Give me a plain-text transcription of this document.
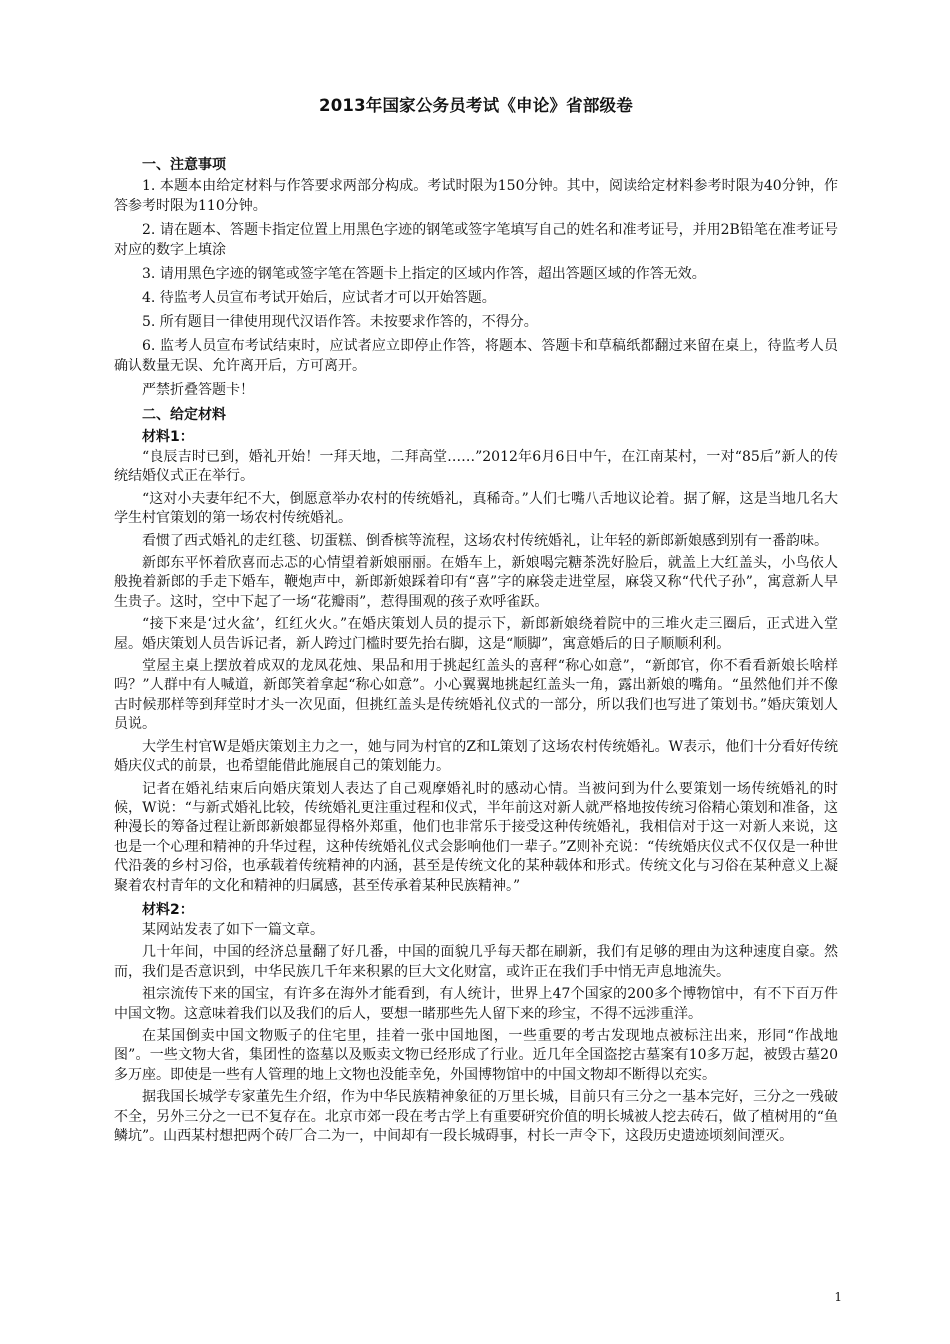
2013年国家公务员考试《申论》省部级卷
一、注意事项

1. 本题本由给定材料与作答要求两部分构成。考试时限为150分钟。其中，阅读给定材料参考时限为40分钟，作答参考时限为110分钟。

2. 请在题本、答题卡指定位置上用黑色字迹的钢笔或签字笔填写自己的姓名和准考证号，并用2B铅笔在准考证号对应的数字上填涂

3. 请用黑色字迹的钢笔或签字笔在答题卡上指定的区域内作答，超出答题区域的作答无效。

4. 待监考人员宣布考试开始后，应试者才可以开始答题。

5. 所有题目一律使用现代汉语作答。未按要求作答的，不得分。

6. 监考人员宣布考试结束时，应试者应立即停止作答，将题本、答题卡和草稿纸都翻过来留在桌上，待监考人员确认数量无误、允许离开后，方可离开。

严禁折叠答题卡！

二、给定材料
材料1：

“良辰吉时已到，婚礼开始！一拜天地，二拜高堂……”2012年6月6日中午，在江南某村，一对“85后”新人的传统结婚仪式正在举行。

“这对小夫妻年纪不大，倒愿意举办农村的传统婚礼，真稀奇。”人们七嘴八舌地议论着。据了解，这是当地几名大学生村官策划的第一场农村传统婚礼。

看惯了西式婚礼的走红毯、切蛋糕、倒香槟等流程，这场农村传统婚礼，让年轻的新郎新娘感到别有一番韵味。

新郎东平怀着欣喜而忐忑的心情望着新娘丽丽。在婚车上，新娘喝完糖茶洗好脸后，就盖上大红盖头，小鸟依人般挽着新郎的手走下婚车，鞭炮声中，新郎新娘踩着印有“喜”字的麻袋走进堂屋，麻袋又称“代代子孙”，寓意新人早生贵子。这时，空中下起了一场“花瓣雨”，惹得围观的孩子欢呼雀跃。

“接下来是‘过火盆’，红红火火。”在婚庆策划人员的提示下，新郎新娘绕着院中的三堆火走三圈后，正式进入堂屋。婚庆策划人员告诉记者，新人跨过门槛时要先抬右脚，这是“顺脚”，寓意婚后的日子顺顺利利。

堂屋主桌上摆放着成双的龙凤花烛、果品和用于挑起红盖头的喜秤“称心如意”，“新郎官，你不看看新娘长啥样吗？”人群中有人喊道，新郎笑着拿起“称心如意”。小心翼翼地挑起红盖头一角，露出新娘的嘴角。“虽然他们并不像古时候那样等到拜堂时才头一次见面，但挑红盖头是传统婚礼仪式的一部分，所以我们也写进了策划书。”婚庆策划人员说。

大学生村官W是婚庆策划主力之一，她与同为村官的Z和L策划了这场农村传统婚礼。W表示，他们十分看好传统婚庆仪式的前景，也希望能借此施展自己的策划能力。

记者在婚礼结束后向婚庆策划人表达了自己观摩婚礼时的感动心情。当被问到为什么要策划一场传统婚礼的时候，W说：“与新式婚礼比较，传统婚礼更注重过程和仪式，半年前这对新人就严格地按传统习俗精心策划和准备，这种漫长的筹备过程让新郎新娘都显得格外郑重，他们也非常乐于接受这种传统婚礼，我相信对于这一对新人来说，这也是一个心理和精神的升华过程，这种传统婚礼仪式会影响他们一辈子。”Z则补充说：“传统婚庆仪式不仅仅是一种世代沿袭的乡村习俗，也承载着传统精神的内涵，甚至是传统文化的某种载体和形式。传统文化与习俗在某种意义上凝聚着农村青年的文化和精神的归属感，甚至传承着某种民族精神。”

材料2：

某网站发表了如下一篇文章。

几十年间，中国的经济总量翻了好几番，中国的面貌几乎每天都在刷新，我们有足够的理由为这种速度自豪。然而，我们是否意识到，中华民族几千年来积累的巨大文化财富，或许正在我们手中悄无声息地流失。

祖宗流传下来的国宝，有许多在海外才能看到，有人统计，世界上47个国家的200多个博物馆中，有不下百万件中国文物。这意味着我们以及我们的后人，要想一睹那些先人留下来的珍宝，不得不远涉重洋。

在某国倒卖中国文物贩子的住宅里，挂着一张中国地图，一些重要的考古发现地点被标注出来，形同“作战地图”。一些文物大省，集团性的盗墓以及贩卖文物已经形成了行业。近几年全国盗挖古墓案有10多万起，被毁古墓20多万座。即使是一些有人管理的地上文物也没能幸免，外国博物馆中的中国文物却不断得以充实。

据我国长城学专家董先生介绍，作为中华民族精神象征的万里长城，目前只有三分之一基本完好，三分之一残破不全，另外三分之一已不复存在。北京市郊一段在考古学上有重要研究价值的明长城被人挖去砖石，做了植树用的“鱼鳞坑”。山西某村想把两个砖厂合二为一，中间却有一段长城碍事，村长一声令下，这段历史遗迹顷刻间湮灭。

1
